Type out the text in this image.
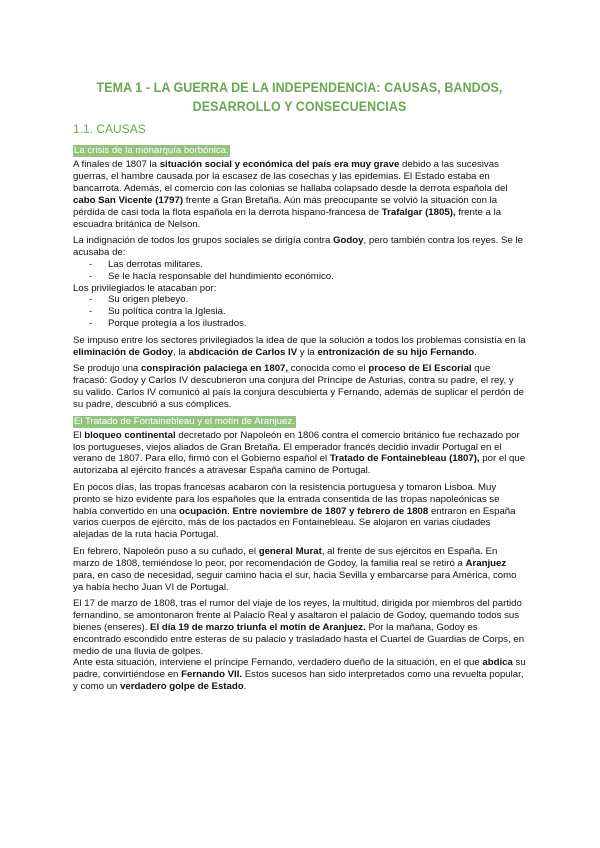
TEMA 1 - LA GUERRA DE LA INDEPENDENCIA: CAUSAS, BANDOS,
DESARROLLO Y CONSECUENCIAS
1.1. CAUSAS
La crisis de la monarquía borbónica.

A finales de 1807 la situación social y económica del país era muy grave debido a las sucesivas guerras, el hambre causada por la escasez de las cosechas y las epidemias. El Estado estaba en bancarrota. Además, el comercio con las colonias se hallaba colapsado desde la derrota española del cabo San Vicente (1797) frente a Gran Bretaña. Aún más preocupante se volvió la situación con la pérdida de casi toda la flota española en la derrota hispano-francesa de Trafalgar (1805), frente a la escuadra británica de Nelson.

La indignación de todos los grupos sociales se dirigía contra Godoy, pero también contra los reyes. Se le acusaba de:

- Las derrotas militares.
- Se le hacía responsable del hundimiento económico.

Los privilegiados le atacaban por:

- Su origen plebeyo.
- Su política contra la Iglesia.
- Porque protegía a los ilustrados.

Se impuso entre los sectores privilegiados la idea de que la solución a todos los problemas consistía en la eliminación de Godoy, la abdicación de Carlos IV y la entronización de su hijo Fernando.

Se produjo una conspiración palaciega en 1807, conocida como el proceso de El Escorial que fracasó: Godoy y Carlos IV descubrieron una conjura del Príncipe de Asturias, contra su padre, el rey, y su valido. Carlos IV comunicó al país la conjura descubierta y Fernando, además de suplicar el perdón de su padre, descubrió a sus cómplices.

El Tratado de Fontainebleau y el motín de Aranjuez.

El bloqueo continental decretado por Napoleón en 1806 contra el comercio británico fue rechazado por los portugueses, viejos aliados de Gran Bretaña. El emperador francés decidió invadir Portugal en el verano de 1807. Para ello, firmó con el Gobierno español el Tratado de Fontainebleau (1807), por el que autorizaba al ejército francés a atravesar España camino de Portugal.

En pocos días, las tropas francesas acabaron con la resistencia portuguesa y tomaron Lisboa. Muy pronto se hizo evidente para los españoles que la entrada consentida de las tropas napoleónicas se había convertido en una ocupación. Entre noviembre de 1807 y febrero de 1808 entraron en España varios cuerpos de ejército, más de los pactados en Fontainebleau. Se alojaron en varias ciudades alejadas de la ruta hacia Portugal.

En febrero, Napoleón puso a su cuñado, el general Murat, al frente de sus ejércitos en España. En marzo de 1808, temiéndose lo peor, por recomendación de Godoy, la familia real se retiró a Aranjuez para, en caso de necesidad, seguir camino hacia el sur, hacia Sevilla y embarcarse para América, como ya había hecho Juan VI de Portugal.

El 17 de marzo de 1808, tras el rumor del viaje de los reyes, la multitud, dirigida por miembros del partido fernandino, se amontonaron frente al Palacio Real y asaltaron el palacio de Godoy, quemando todos sus bienes (enseres). El día 19 de marzo triunfa el motín de Aranjuez. Por la mañana, Godoy es encontrado escondido entre esteras de su palacio y trasladado hasta el Cuartel de Guardias de Corps, en medio de una lluvia de golpes.

Ante esta situación, interviene el príncipe Fernando, verdadero dueño de la situación, en el que abdica su padre, convirtiéndose en Fernando VII. Estos sucesos han sido interpretados como una revuelta popular, y como un verdadero golpe de Estado.
